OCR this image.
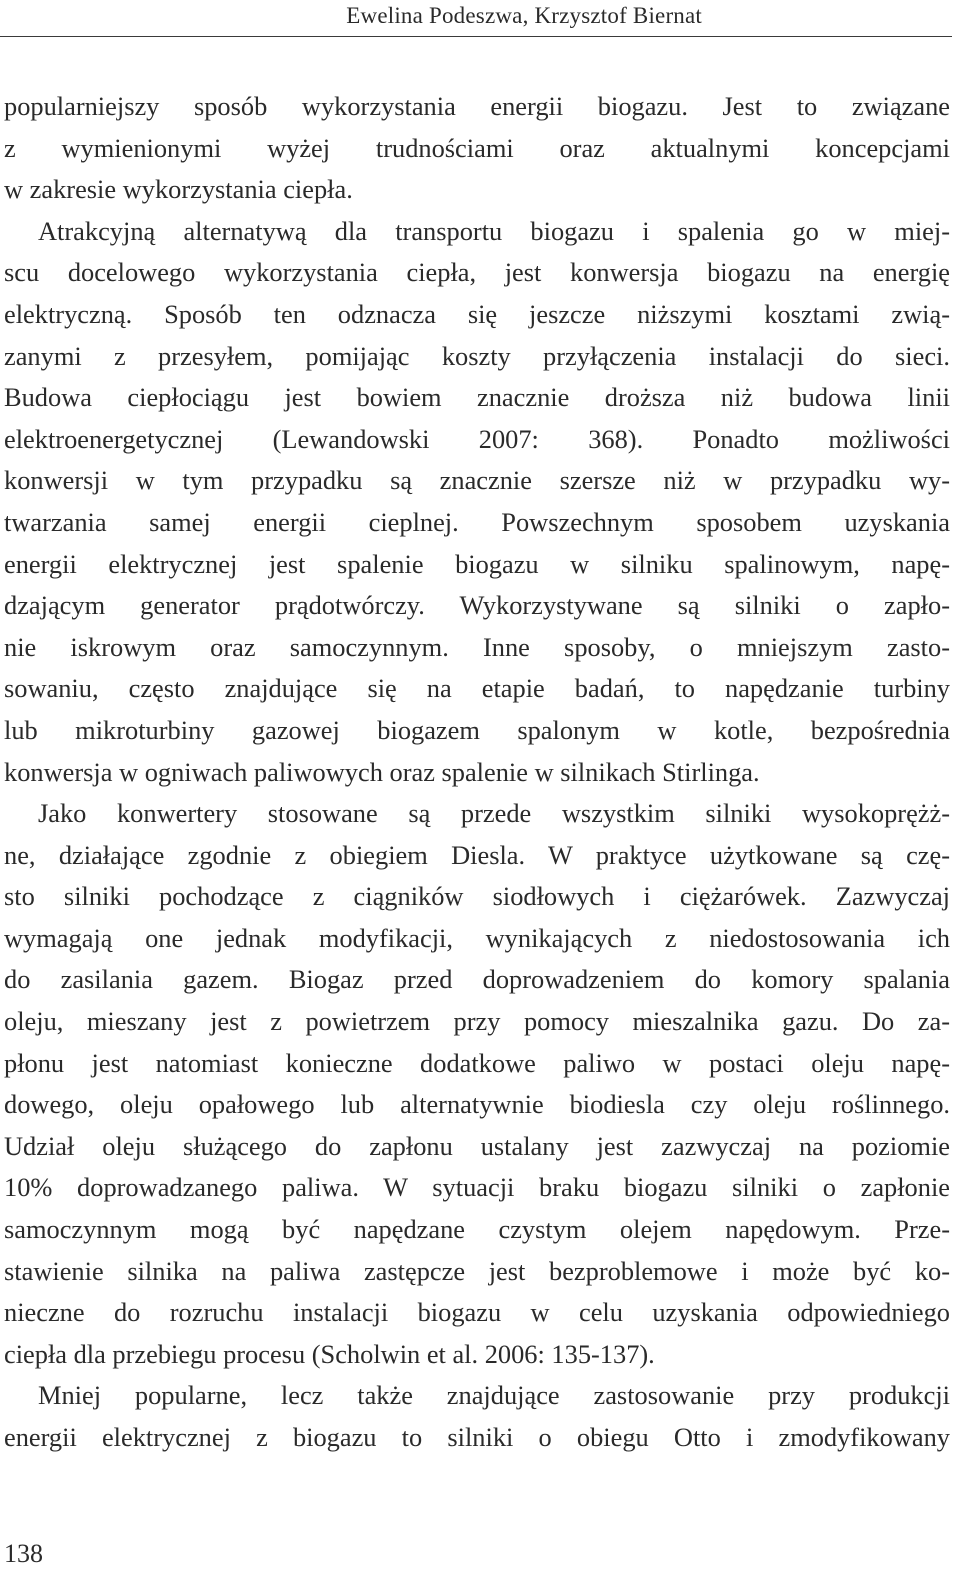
Ewelina Podeszwa, Krzysztof Biernat

popularniejszy sposób wykorzystania energii biogazu. Jest to związane

z wymienionymi wyżej trudnościami oraz aktualnymi koncepcjami

w zakresie wykorzystania ciepła.

Atrakcyjną alternatywą dla transportu biogazu i spalenia go w miej-

scu docelowego wykorzystania ciepła, jest konwersja biogazu na energię

elektryczną. Sposób ten odznacza się jeszcze niższymi kosztami zwią-

zanymi z przesyłem, pomijając koszty przyłączenia instalacji do sieci.

Budowa ciepłociągu jest bowiem znacznie droższa niż budowa linii

elektroenergetycznej (Lewandowski 2007: 368). Ponadto możliwości

konwersji w tym przypadku są znacznie szersze niż w przypadku wy-

twarzania samej energii cieplnej. Powszechnym sposobem uzyskania

energii elektrycznej jest spalenie biogazu w silniku spalinowym, napę-

dzającym generator prądotwórczy. Wykorzystywane są silniki o zapło-

nie iskrowym oraz samoczynnym. Inne sposoby, o mniejszym zasto-

sowaniu, często znajdujące się na etapie badań, to napędzanie turbiny

lub mikroturbiny gazowej biogazem spalonym w kotle, bezpośrednia

konwersja w ogniwach paliwowych oraz spalenie w silnikach Stirlinga.

Jako konwertery stosowane są przede wszystkim silniki wysokoprężż-

ne, działające zgodnie z obiegiem Diesla. W praktyce użytkowane są czę-

sto silniki pochodzące z ciągników siodłowych i ciężarówek. Zazwyczaj

wymagają one jednak modyfikacji, wynikających z niedostosowania ich

do zasilania gazem. Biogaz przed doprowadzeniem do komory spalania

oleju, mieszany jest z powietrzem przy pomocy mieszalnika gazu. Do za-

płonu jest natomiast konieczne dodatkowe paliwo w postaci oleju napę-

dowego, oleju opałowego lub alternatywnie biodiesla czy oleju roślinnego.

Udział oleju służącego do zapłonu ustalany jest zazwyczaj na poziomie

10% doprowadzanego paliwa. W sytuacji braku biogazu silniki o zapłonie

samoczynnym mogą być napędzane czystym olejem napędowym. Prze-

stawienie silnika na paliwa zastępcze jest bezproblemowe i może być ko-

nieczne do rozruchu instalacji biogazu w celu uzyskania odpowiedniego

ciepła dla przebiegu procesu (Scholwin et al. 2006: 135-137).

Mniej popularne, lecz także znajdujące zastosowanie przy produkcji

energii elektrycznej z biogazu to silniki o obiegu Otto i zmodyfikowany

138
